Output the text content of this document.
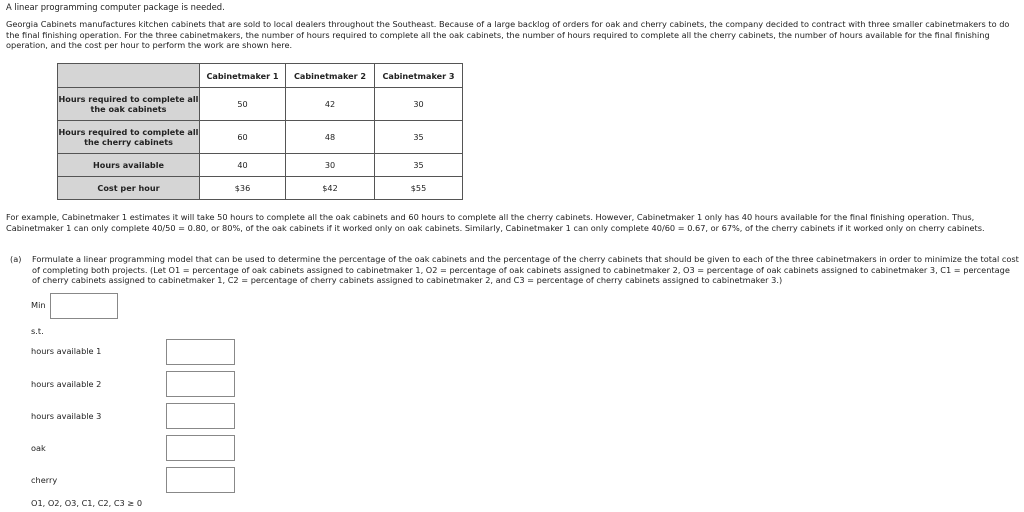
A linear programming computer package is needed.

Georgia Cabinets manufactures kitchen cabinets that are sold to local dealers throughout the Southeast. Because of a large backlog of orders for oak and cherry cabinets, the company decided to contract with three smaller cabinetmakers to do the final finishing operation. For the three cabinetmakers, the number of hours required to complete all the oak cabinets, the number of hours required to complete all the cherry cabinets, the number of hours available for the final finishing operation, and the cost per hour to perform the work are shown here.

	Cabinetmaker 1	Cabinetmaker 2	Cabinetmaker 3
Hours required to complete all the oak cabinets	50	42	30
Hours required to complete all the cherry cabinets	60	48	35
Hours available	40	30	35
Cost per hour	$36	$42	$55

For example, Cabinetmaker 1 estimates it will take 50 hours to complete all the oak cabinets and 60 hours to complete all the cherry cabinets. However, Cabinetmaker 1 only has 40 hours available for the final finishing operation. Thus, Cabinetmaker 1 can only complete 40/50 = 0.80, or 80%, of the oak cabinets if it worked only on oak cabinets. Similarly, Cabinetmaker 1 can only complete 40/60 = 0.67, or 67%, of the cherry cabinets if it worked only on cherry cabinets.

(a) Formulate a linear programming model that can be used to determine the percentage of the oak cabinets and the percentage of the cherry cabinets that should be given to each of the three cabinetmakers in order to minimize the total cost of completing both projects. (Let O1 = percentage of oak cabinets assigned to cabinetmaker 1, O2 = percentage of oak cabinets assigned to cabinetmaker 2, O3 = percentage of oak cabinets assigned to cabinetmaker 3, C1 = percentage of cherry cabinets assigned to cabinetmaker 1, C2 = percentage of cherry cabinets assigned to cabinetmaker 2, and C3 = percentage of cherry cabinets assigned to cabinetmaker 3.)
Min
s.t.
hours available 1
hours available 2
hours available 3
oak
cherry
O1, O2, O3, C1, C2, C3 ≥ 0
